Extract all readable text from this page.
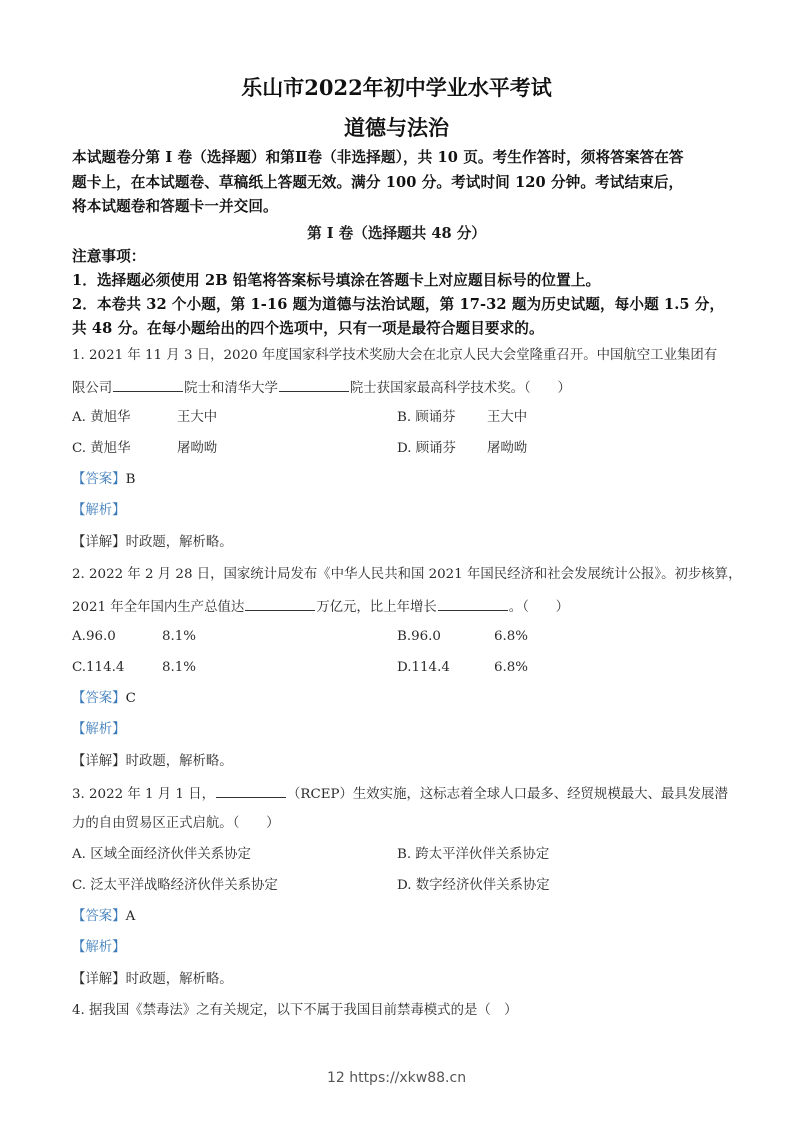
乐山市2022年初中学业水平考试
道德与法治
本试题卷分第 I 卷（选择题）和第Ⅱ卷（非选择题），共 10 页。考生作答时，须将答案答在答
题卡上，在本试题卷、草稿纸上答题无效。满分 100 分。考试时间 120 分钟。考试结束后，
将本试题卷和答题卡一并交回。
第 I 卷（选择题共 48 分）
注意事项：
1．选择题必须使用 2B 铅笔将答案标号填涂在答题卡上对应题目标号的位置上。
2．本卷共 32 个小题，第 1-16 题为道德与法治试题，第 17-32 题为历史试题，每小题 1.5 分，
共 48 分。在每小题给出的四个选项中，只有一项是最符合题目要求的。
1. 2021 年 11 月 3 日，2020 年度国家科学技术奖励大会在北京人民大会堂隆重召开。中国航空工业集团有
限公司	院士和清华大学	院士获国家最高科学技术奖。（　　）
A. 黄旭华	王大中	B. 顾诵芬 王大中
C. 黄旭华	屠呦呦	D. 顾诵芬 屠呦呦
【答案】B
【解析】
【详解】时政题，解析略。
2. 2022 年 2 月 28 日，国家统计局发布《中华人民共和国 2021 年国民经济和社会发展统计公报》。初步核算，
2021 年全年国内生产总值达	万亿元，比上年增长	。（　　）
A.96.0	8.1%	B.96.0	6.8%
C.114.4	8.1%	D.114.4	6.8%
【答案】C
【解析】
【详解】时政题，解析略。
3. 2022 年 1 月 1 日，	（RCEP）生效实施，这标志着全球人口最多、经贸规模最大、最具发展潜
力的自由贸易区正式启航。（　　）
A. 区域全面经济伙伴关系协定	B. 跨太平洋伙伴关系协定
C. 泛太平洋战略经济伙伴关系协定	D. 数字经济伙伴关系协定
【答案】A
【解析】
【详解】时政题，解析略。
4. 据我国《禁毒法》之有关规定，以下不属于我国目前禁毒模式的是（　）
12 https://xkw88.cn
